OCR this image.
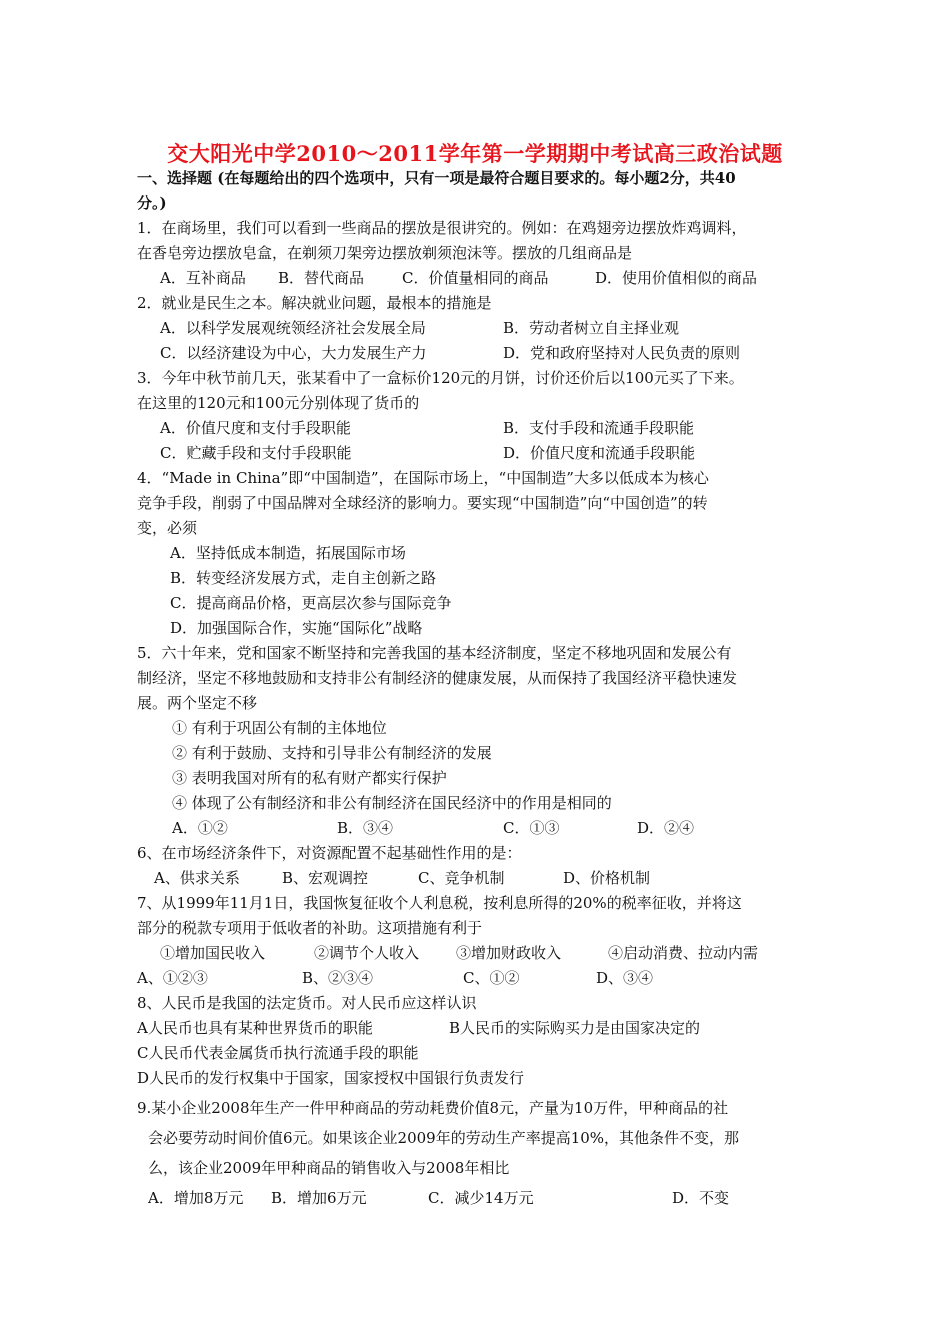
交大阳光中学2010～2011学年第一学期期中考试高三政治试题
一、选择题 (在每题给出的四个选项中，只有一项是最符合题目要求的。每小题2分，共40
分。)
1．在商场里，我们可以看到一些商品的摆放是很讲究的。例如：在鸡翅旁边摆放炸鸡调料，
在香皂旁边摆放皂盒，在剃须刀架旁边摆放剃须泡沫等。摆放的几组商品是
A．互补商品 B．替代商品	C．价值量相同的商品	D．使用价值相似的商品
2．就业是民生之本。解决就业问题，最根本的措施是
A．以科学发展观统领经济社会发展全局	B．劳动者树立自主择业观
C．以经济建设为中心，大力发展生产力	D．党和政府坚持对人民负责的原则
3．今年中秋节前几天，张某看中了一盒标价120元的月饼，讨价还价后以100元买了下来。
在这里的120元和100元分别体现了货币的
A．价值尺度和支付手段职能	B．支付手段和流通手段职能
C．贮藏手段和支付手段职能	D．价值尺度和流通手段职能
4．“Made in China”即“中国制造”，在国际市场上，“中国制造”大多以低成本为核心
竞争手段，削弱了中国品牌对全球经济的影响力。要实现“中国制造”向“中国创造”的转
变，必须
A．坚持低成本制造，拓展国际市场
B．转变经济发展方式，走自主创新之路
C．提高商品价格，更高层次参与国际竞争
D．加强国际合作，实施“国际化”战略
5．六十年来，党和国家不断坚持和完善我国的基本经济制度，坚定不移地巩固和发展公有
制经济，坚定不移地鼓励和支持非公有制经济的健康发展，从而保持了我国经济平稳快速发
展。两个坚定不移
① 有利于巩固公有制的主体地位
② 有利于鼓励、支持和引导非公有制经济的发展
③ 表明我国对所有的私有财产都实行保护
④ 体现了公有制经济和非公有制经济在国民经济中的作用是相同的
A．①②	B．③④	C．①③	D．②④
6、在市场经济条件下，对资源配置不起基础性作用的是：
A、供求关系	B、宏观调控	C、竞争机制	D、价格机制
7、从1999年11月1日，我国恢复征收个人利息税，按利息所得的20%的税率征收，并将这
部分的税款专项用于低收者的补助。这项措施有利于
①增加国民收入	②调节个人收入 ③增加财政收入	④启动消费、拉动内需
A、①②③	B、②③④	C、①②	D、③④
8、人民币是我国的法定货币。对人民币应这样认识
A人民币也具有某种世界货币的职能	B人民币的实际购买力是由国家决定的
C人民币代表金属货币执行流通手段的职能
D人民币的发行权集中于国家，国家授权中国银行负责发行
9.某小企业2008年生产一件甲种商品的劳动耗费价值8元，产量为10万件，甲种商品的社
会必要劳动时间价值6元。如果该企业2009年的劳动生产率提高10%，其他条件不变，那
么，该企业2009年甲种商品的销售收入与2008年相比
A．增加8万元 B．增加6万元	C．减少14万元	D．不变
